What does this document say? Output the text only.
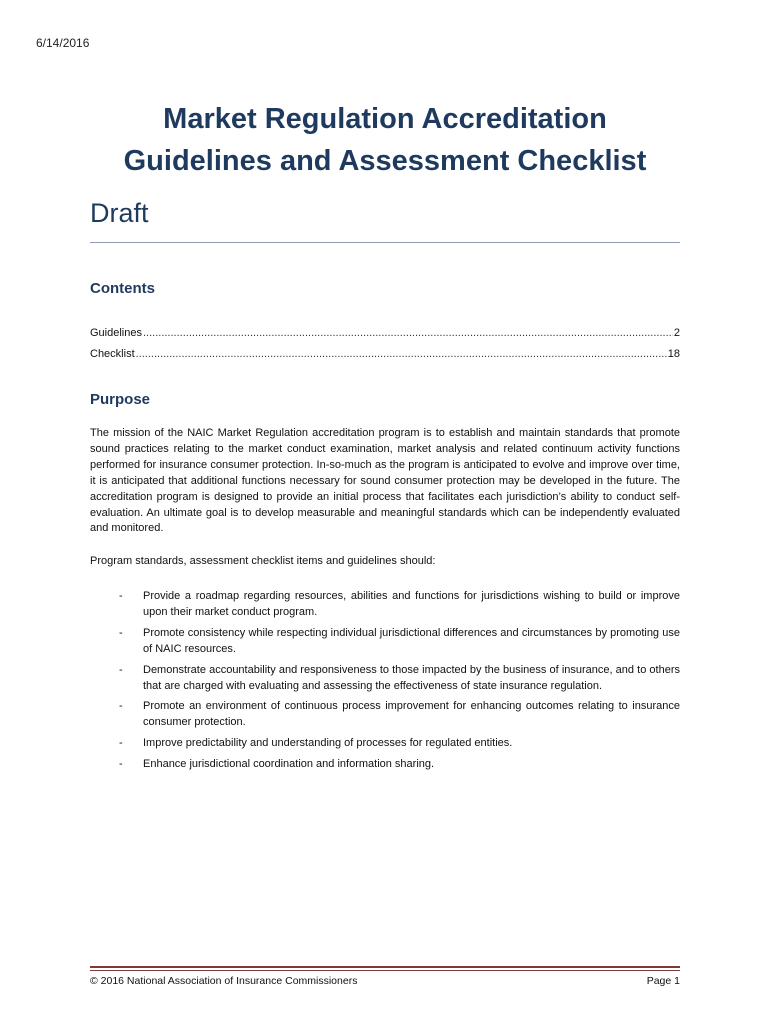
6/14/2016
Market Regulation Accreditation
Guidelines and Assessment Checklist
Draft
Contents
Guidelines .....	2
Checklist .....	18
Purpose

The mission of the NAIC Market Regulation accreditation program is to establish and maintain standards that promote sound practices relating to the market conduct examination, market analysis and related continuum activity functions performed for insurance consumer protection. In-so-much as the program is anticipated to evolve and improve over time, it is anticipated that additional functions necessary for sound consumer protection may be developed in the future. The accreditation program is designed to provide an initial process that facilitates each jurisdiction’s ability to conduct self-evaluation. An ultimate goal is to develop measurable and meaningful standards which can be independently evaluated and monitored.

Program standards, assessment checklist items and guidelines should:

- Provide a roadmap regarding resources, abilities and functions for jurisdictions wishing to build or improve upon their market conduct program.
- Promote consistency while respecting individual jurisdictional differences and circumstances by promoting use of NAIC resources.
- Demonstrate accountability and responsiveness to those impacted by the business of insurance, and to others that are charged with evaluating and assessing the effectiveness of state insurance regulation.
- Promote an environment of continuous process improvement for enhancing outcomes relating to insurance consumer protection.
- Improve predictability and understanding of processes for regulated entities.
- Enhance jurisdictional coordination and information sharing.
© 2016 National Association of Insurance Commissioners	Page 1
